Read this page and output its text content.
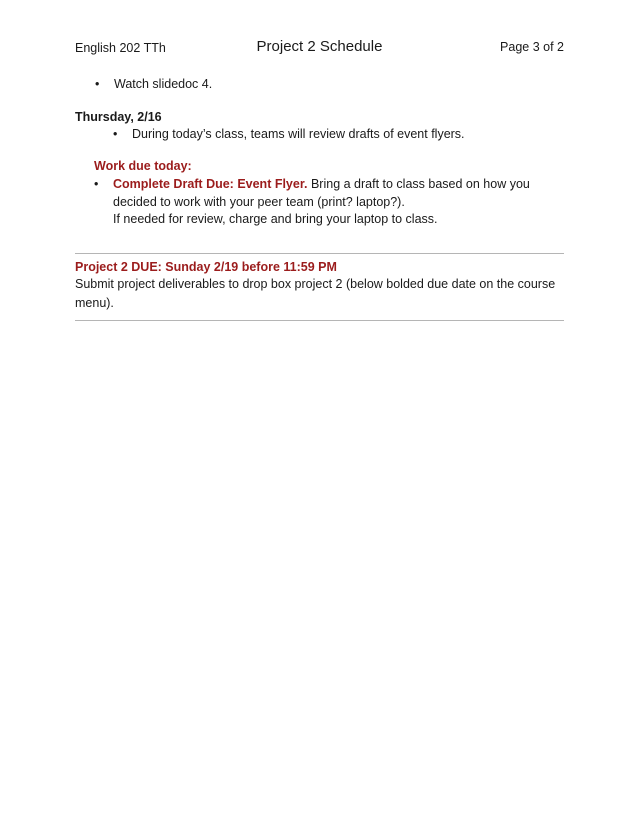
English 202 TTh	Project 2 Schedule	Page 3 of 2
• Watch slidedoc 4.
Thursday, 2/16
• During today’s class, teams will review drafts of event flyers.
Work due today:
• Complete Draft Due: Event Flyer. Bring a draft to class based on how you
decided to work with your peer team (print? laptop?).
If needed for review, charge and bring your laptop to class.
Project 2 DUE: Sunday 2/19 before 11:59 PM
Submit project deliverables to drop box project 2 (below bolded due date on the course
menu).
